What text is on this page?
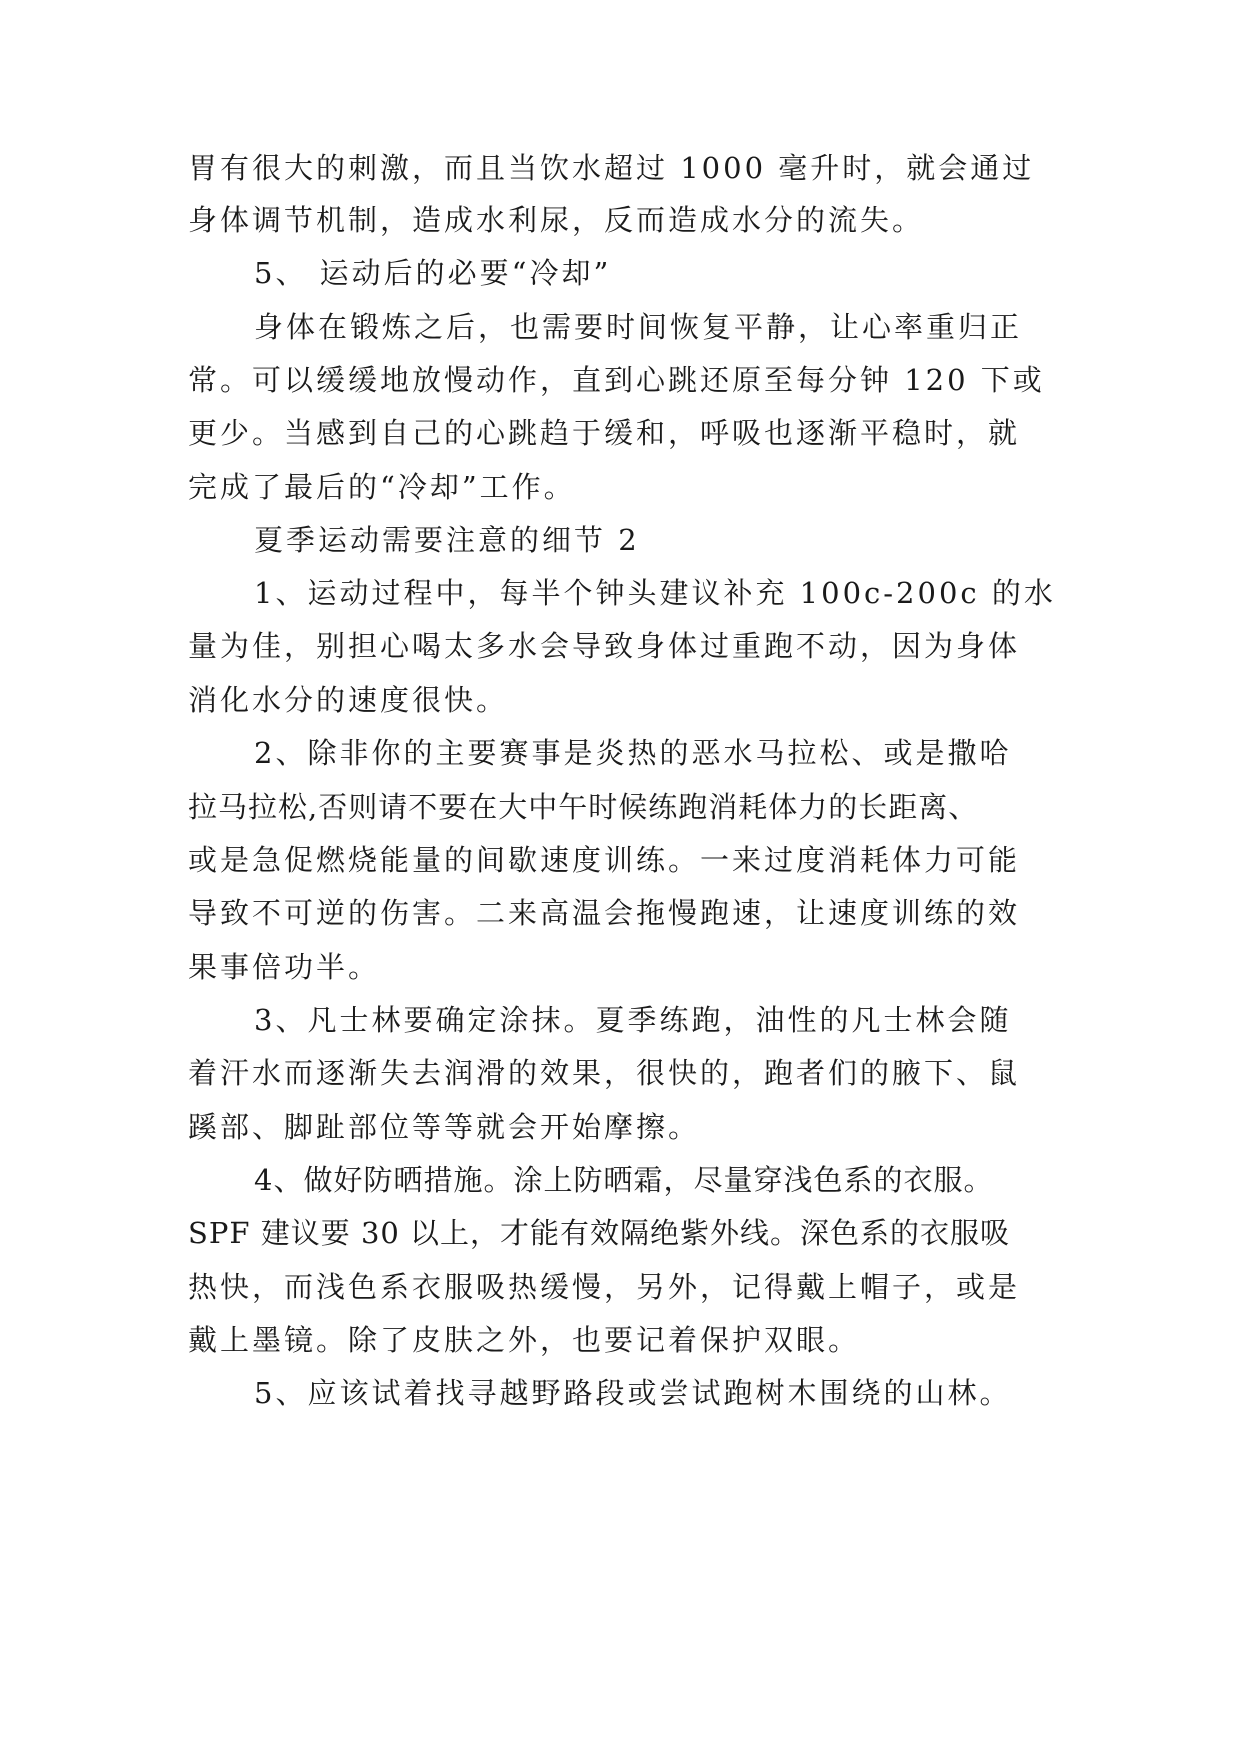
胃有很大的刺激，而且当饮水超过 1000 毫升时，就会通过
身体调节机制，造成水利尿，反而造成水分的流失。
5、 运动后的必要“冷却”
身体在锻炼之后，也需要时间恢复平静，让心率重归正
常。可以缓缓地放慢动作，直到心跳还原至每分钟 120 下或
更少。当感到自己的心跳趋于缓和，呼吸也逐渐平稳时，就
完成了最后的“冷却”工作。
夏季运动需要注意的细节 2
1、运动过程中，每半个钟头建议补充 100c-200c 的水
量为佳，别担心喝太多水会导致身体过重跑不动，因为身体
消化水分的速度很快。
2、除非你的主要赛事是炎热的恶水马拉松、或是撒哈
拉马拉松,否则请不要在大中午时候练跑消耗体力的长距离、
或是急促燃烧能量的间歇速度训练。一来过度消耗体力可能
导致不可逆的伤害。二来高温会拖慢跑速，让速度训练的效
果事倍功半。
3、凡士林要确定涂抹。夏季练跑，油性的凡士林会随
着汗水而逐渐失去润滑的效果，很快的，跑者们的腋下、鼠
蹊部、脚趾部位等等就会开始摩擦。
4、做好防晒措施。涂上防晒霜，尽量穿浅色系的衣服。
SPF 建议要 30 以上，才能有效隔绝紫外线。深色系的衣服吸
热快，而浅色系衣服吸热缓慢，另外，记得戴上帽子，或是
戴上墨镜。除了皮肤之外，也要记着保护双眼。
5、应该试着找寻越野路段或尝试跑树木围绕的山林。
